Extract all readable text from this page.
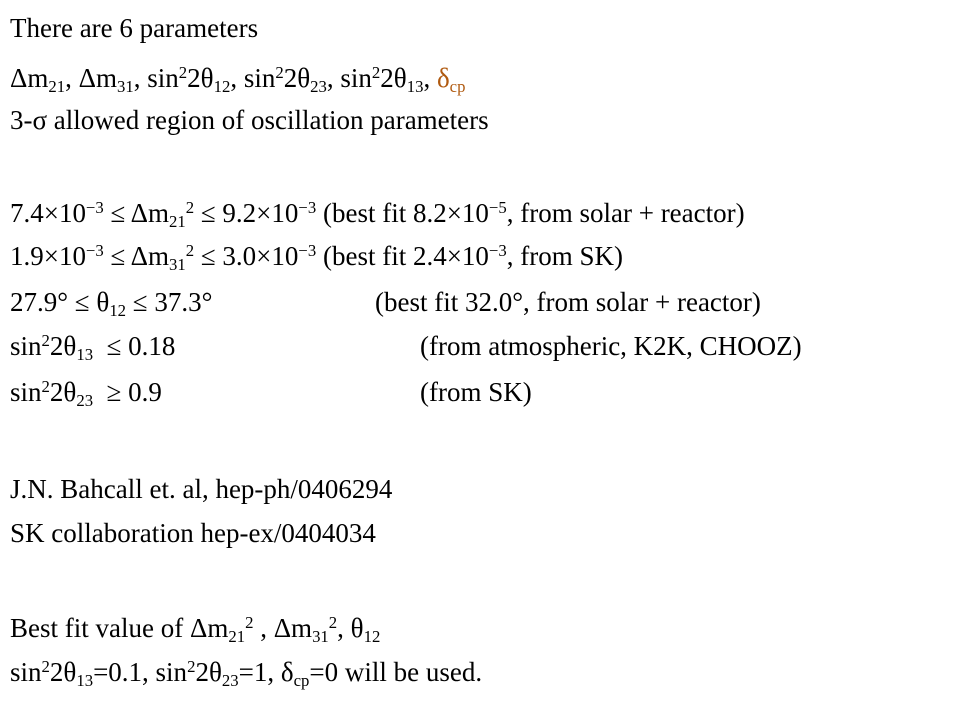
There are 6 parameters
$\Delta m_{21}$, $\Delta m_{31}$, $\sin^22\theta_{12}$, $\sin^22\theta_{23}$, $\sin^22\theta_{13}$, $\delta_{cp}$
3-σ allowed region of oscillation parameters
$7.4\times 10^{-3} \le \Delta m_{21}^2 \le 9.2\times 10^{-3}$ (best fit $8.2\times 10^{-5}$, from solar + reactor)
$1.9\times 10^{-3} \le \Delta m_{31}^2 \le 3.0\times 10^{-3}$ (best fit $2.4\times 10^{-3}$, from SK)
$27.9^\circ \le \theta_{12} \le 37.3^\circ$	(best fit 32.0°, from solar + reactor)
$\sin^22\theta_{13} \le 0.18$	(from atmospheric, K2K, CHOOZ)
$\sin^22\theta_{23} \ge 0.9$	(from SK)
J.N. Bahcall et. al, hep-ph/0406294
SK collaboration hep-ex/0404034
Best fit value of $\Delta m_{21}^2$ , $\Delta m_{31}^2$, $\theta_{12}$
$\sin^22\theta_{13}=0.1$, $\sin^22\theta_{23}=1$, $\delta_{cp}=0$ will be used.
